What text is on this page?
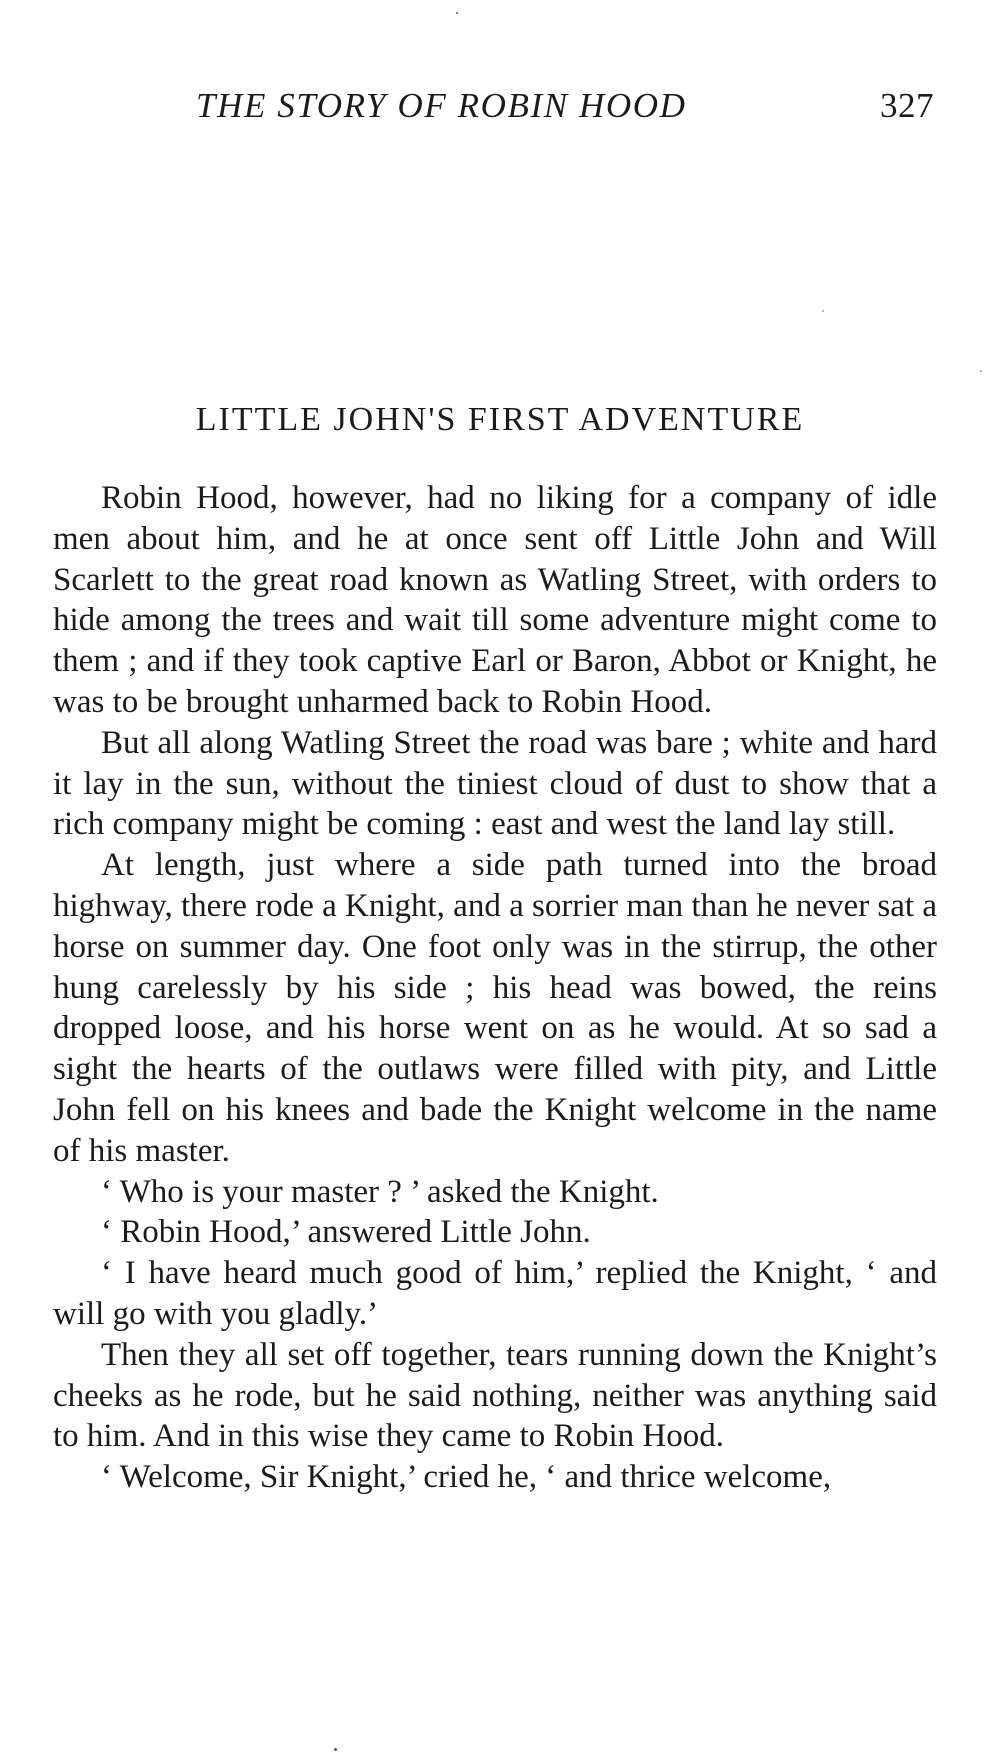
THE STORY OF ROBIN HOOD	327
LITTLE JOHN'S FIRST ADVENTURE

Robin Hood, however, had no liking for a company of idle men about him, and he at once sent off Little John and Will Scarlett to the great road known as Watling Street, with orders to hide among the trees and wait till some adventure might come to them ; and if they took captive Earl or Baron, Abbot or Knight, he was to be brought unharmed back to Robin Hood.

But all along Watling Street the road was bare ; white and hard it lay in the sun, without the tiniest cloud of dust to show that a rich company might be coming : east and west the land lay still.

At length, just where a side path turned into the broad highway, there rode a Knight, and a sorrier man than he never sat a horse on summer day. One foot only was in the stirrup, the other hung carelessly by his side ; his head was bowed, the reins dropped loose, and his horse went on as he would. At so sad a sight the hearts of the outlaws were filled with pity, and Little John fell on his knees and bade the Knight welcome in the name of his master.

‘ Who is your master ? ’ asked the Knight.

‘ Robin Hood,’ answered Little John.

‘ I have heard much good of him,’ replied the Knight, ‘ and will go with you gladly.’

Then they all set off together, tears running down the Knight’s cheeks as he rode, but he said nothing, neither was anything said to him. And in this wise they came to Robin Hood.

‘ Welcome, Sir Knight,’ cried he, ‘ and thrice welcome,
